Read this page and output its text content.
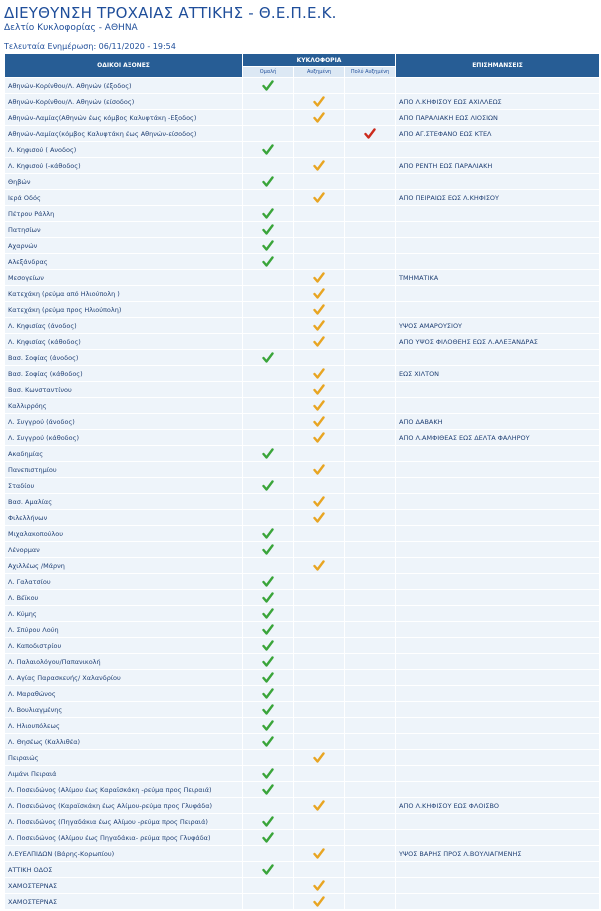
ΔΙΕΥΘΥΝΣΗ ΤΡΟΧΑΙΑΣ ΑΤΤΙΚΗΣ - Θ.Ε.Π.Ε.Κ.
Δελτίο Κυκλοφορίας - ΑΘΗΝΑ
Τελευταία Ενημέρωση: 06/11/2020 - 19:54
ΟΔΙΚΟΙ ΑΞΟΝΕΣ	ΚΥΚΛΟΦΟΡΙΑ			ΕΠΙΣΗΜΑΝΣΕΙΣ
	Ομαλή	Αυξημένη	Πολύ Αυξημένη	
Αθηνών-Κορίνθου/Λ. Αθηνών (έξοδος)				
Αθηνών-Κορίνθου/Λ. Αθηνών (είσοδος)				ΑΠΟ Λ.ΚΗΦΙΣΟΥ ΕΩΣ ΑΧΙΛΛΕΩΣ
Αθηνών-Λαμίας(Αθηνών έως κόμβος Καλυφτάκη -Εξοδος)				ΑΠΟ ΠΑΡΑΛΙΑΚΗ ΕΩΣ ΛΙΟΣΙΩΝ
Αθηνών-Λαμίας(κόμβος Καλυφτάκη έως Αθηνών-είσοδος)				ΑΠΟ ΑΓ.ΣΤΕΦΑΝΟ ΕΩΣ ΚΤΕΛ
Λ. Κηφισού ( Ανοδος)				
Λ. Κηφισού (-κάθοδος)				ΑΠΟ ΡΕΝΤΗ ΕΩΣ ΠΑΡΑΛΙΑΚΗ
Θηβών				
Ιερά Οδός				ΑΠΟ ΠΕΙΡΑΙΩΣ ΕΩΣ Λ.ΚΗΦΙΣΟΥ
Πέτρου Ράλλη				
Πατησίων				
Αχαρνών				
Αλεξάνδρας				
Μεσογείων				ΤΜΗΜΑΤΙΚΑ
Κατεχάκη (ρεύμα από Ηλιούπολη )				
Κατεχάκη (ρεύμα προς Ηλιούπολη)				
Λ. Κηφισίας (άνοδος)				ΥΨΟΣ ΑΜΑΡΟΥΣΙΟΥ
Λ. Κηφισίας (κάθοδος)				ΑΠΟ ΥΨΟΣ ΦΙΛΟΘΕΗΣ ΕΩΣ Λ.ΑΛΕΞΑΝΔΡΑΣ
Βασ. Σοφίας (άνοδος)				
Βασ. Σοφίας (κάθοδος)				ΕΩΣ ΧΙΛΤΟΝ
Βασ. Κωνσταντίνου				
Καλλιρρόης				
Λ. Συγγρού (άνοδος)				ΑΠΟ ΔΑΒΑΚΗ
Λ. Συγγρού (κάθοδος)				ΑΠΟ Λ.ΑΜΦΙΘΕΑΣ ΕΩΣ ΔΕΛΤΑ ΦΑΛΗΡΟΥ
Ακαδημίας				
Πανεπιστημίου				
Σταδίου				
Βασ. Αμαλίας				
Φιλελλήνων				
Μιχαλακοπούλου				
Λένορμαν				
Αχιλλέως /Μάρνη				
Λ. Γαλατσίου				
Λ. Βέϊκου				
Λ. Κύμης				
Λ. Σπύρου Λούη				
Λ. Καποδιστρίου				
Λ. Παλαιολόγου/Παπανικολή				
Λ. Αγίας Παρασκευής/ Χαλανδρίου				
Λ. Μαραθώνος				
Λ. Βουλιαγμένης				
Λ. Ηλιουπόλεως				
Λ. Θησέως (Καλλιθέα)				
Πειραιώς				
Λιμάνι Πειραιά				
Λ. Ποσειδώνος (Αλίμου έως Καραϊσκάκη -ρεύμα προς Πειραιά)				
Λ. Ποσειδώνος (Καραϊσκάκη έως Αλίμου-ρεύμα προς Γλυφάδα)				ΑΠΟ Λ.ΚΗΦΙΣΟΥ ΕΩΣ ΦΛΟΙΣΒΟ
Λ. Ποσειδώνος (Πηγαδάκια έως Αλίμου -ρεύμα προς Πειραιά)				
Λ. Ποσειδώνος (Αλίμου έως Πηγαδάκια- ρεύμα προς Γλυφάδα)				
Λ.ΕΥΕΛΠΙΔΩΝ (Βάρης-Κορωπίου)				ΥΨΟΣ ΒΑΡΗΣ ΠΡΟΣ Λ.ΒΟΥΛΙΑΓΜΕΝΗΣ
ΑΤΤΙΚΗ ΟΔΟΣ				
ΧΑΜΟΣΤΕΡΝΑΣ				
ΧΑΜΟΣΤΕΡΝΑΣ				
